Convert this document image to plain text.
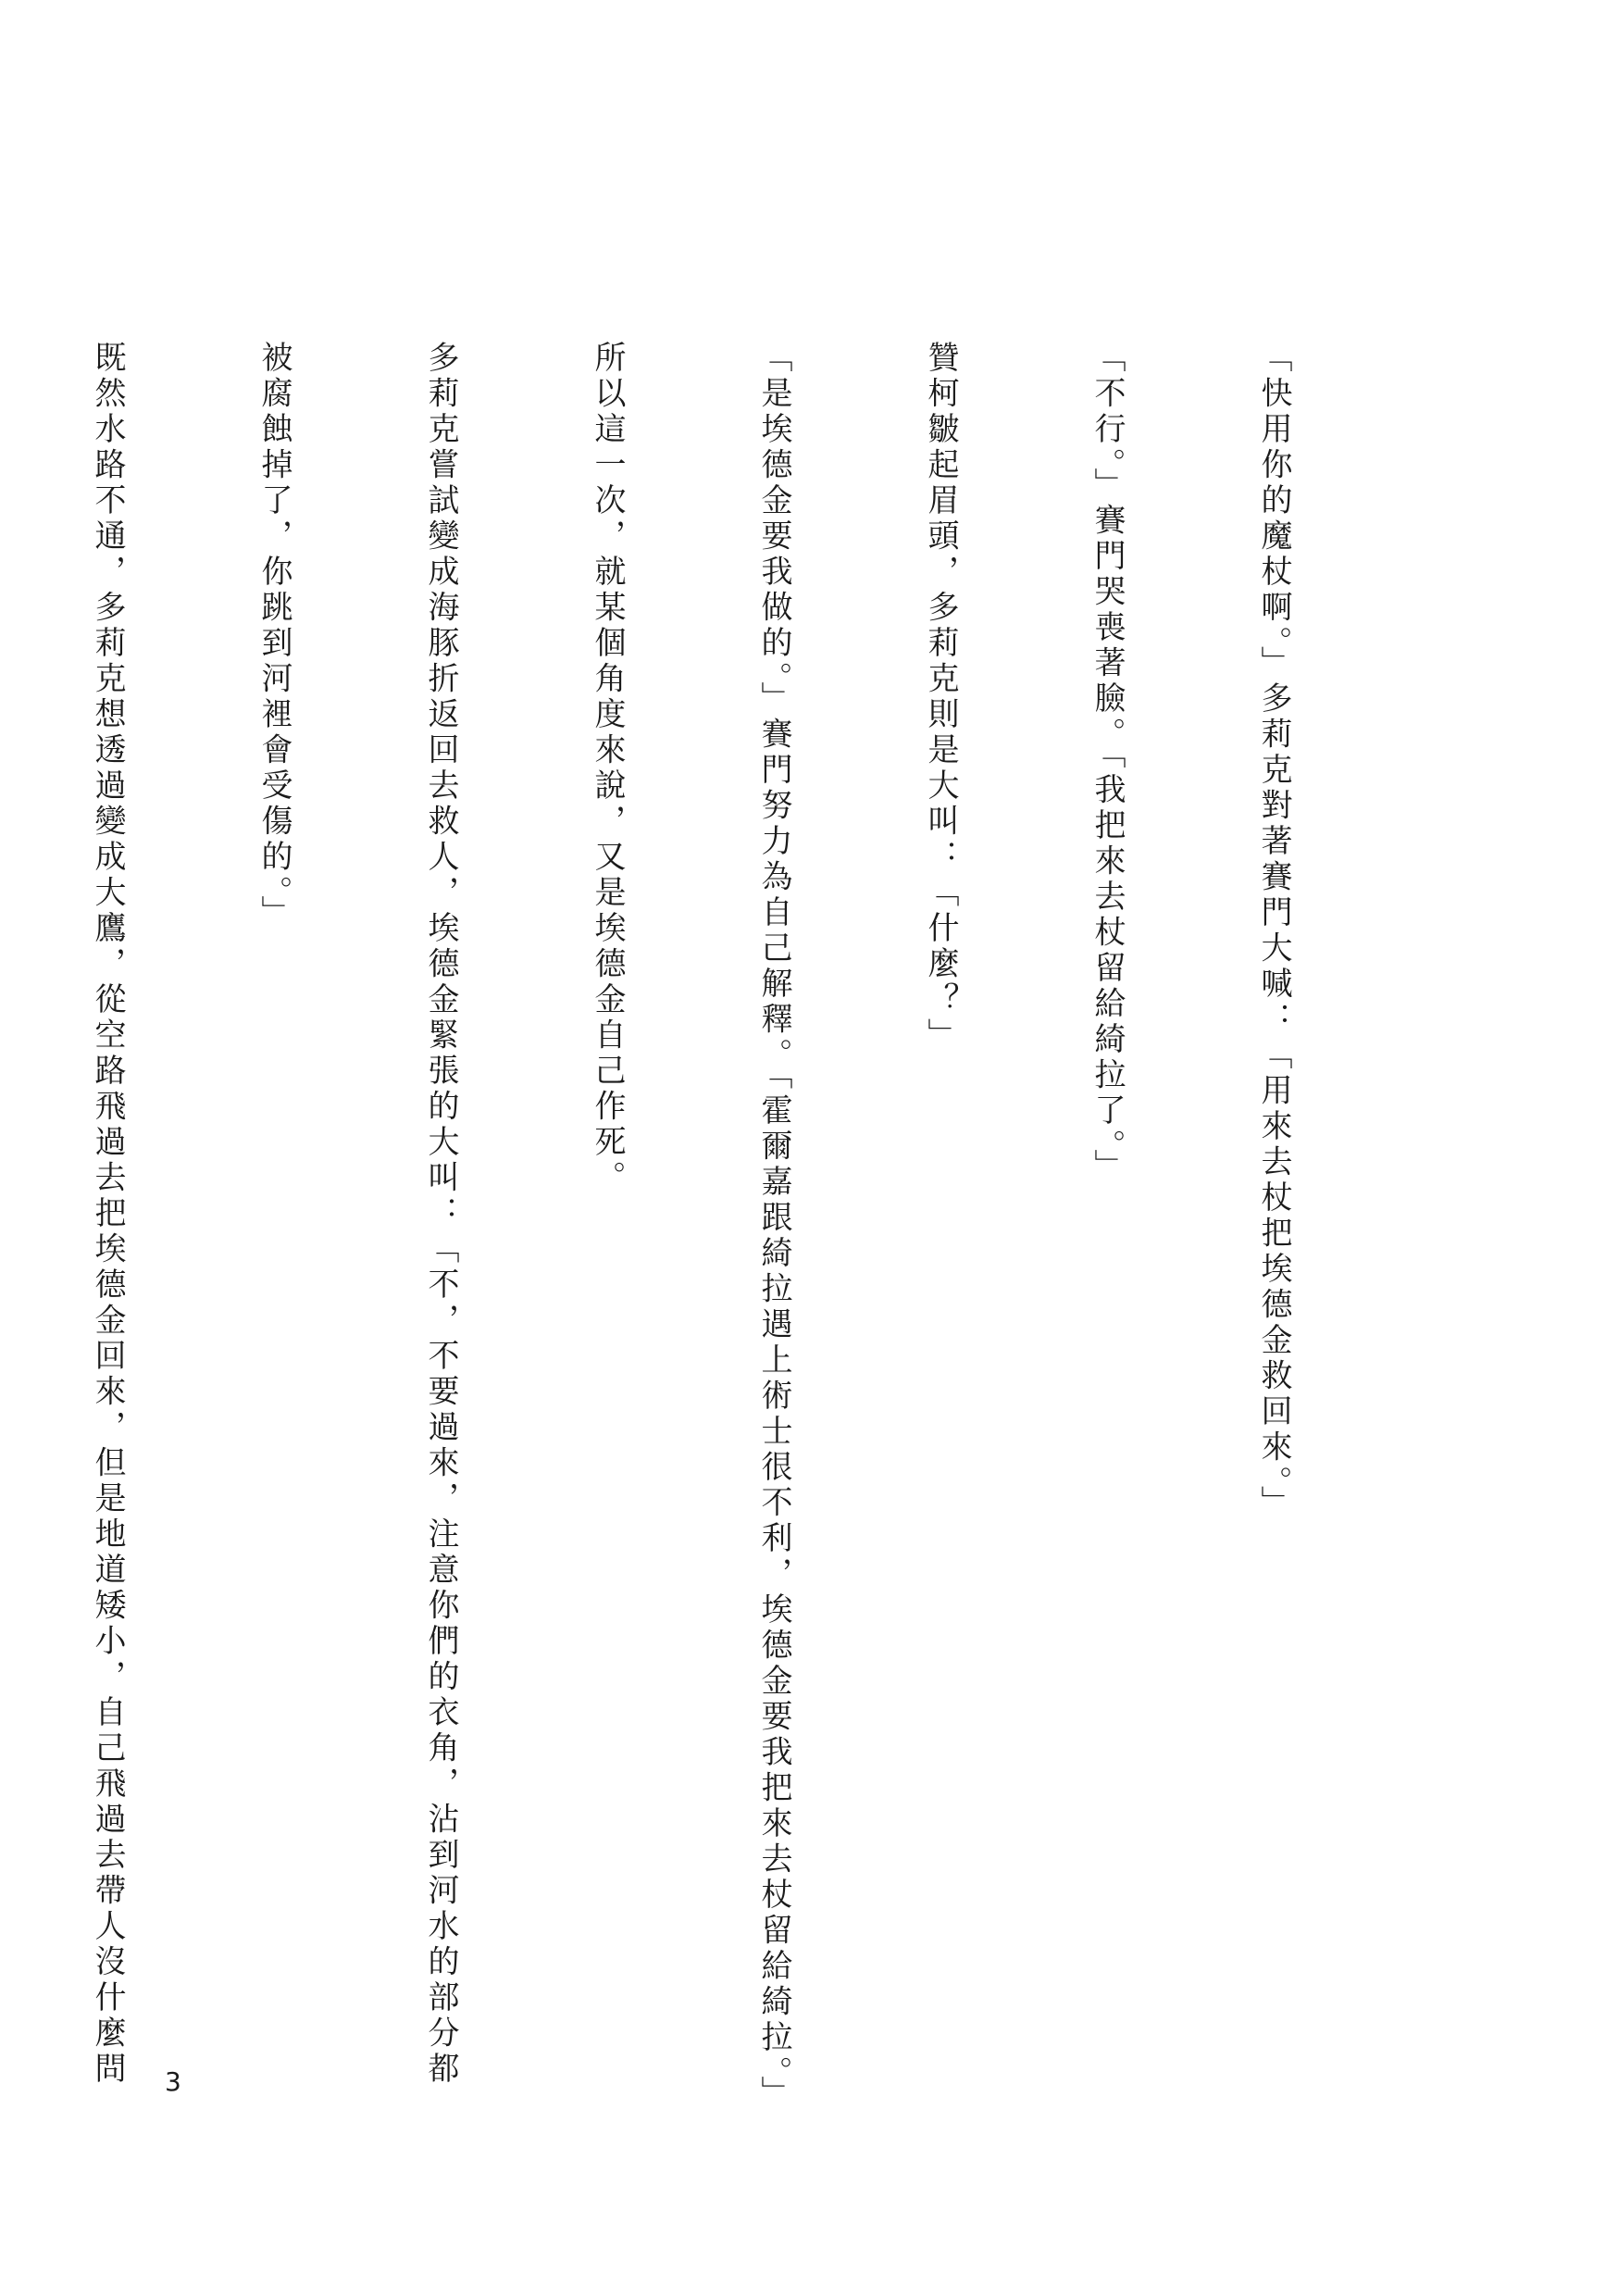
「快用你的魔杖啊。」多莉克對著賽門大喊：「用來去杖把埃德金救回來。」

「不行。」賽門哭喪著臉。「我把來去杖留給綺拉了。」

贊柯皺起眉頭，多莉克則是大叫：「什麼？」

「是埃德金要我做的。」賽門努力為自己解釋。「霍爾嘉跟綺拉遇上術士很不利，埃德金要我把來去杖留給綺拉。」

所以這一次，就某個角度來說，又是埃德金自己作死。

多莉克嘗試變成海豚折返回去救人，埃德金緊張的大叫：「不，不要過來，注意你們的衣角，沾到河水的部分都

被腐蝕掉了，你跳到河裡會受傷的。」

既然水路不通，多莉克想透過變成大鷹，從空路飛過去把埃德金回來，但是地道矮小，自己飛過去帶人沒什麼問

	3
